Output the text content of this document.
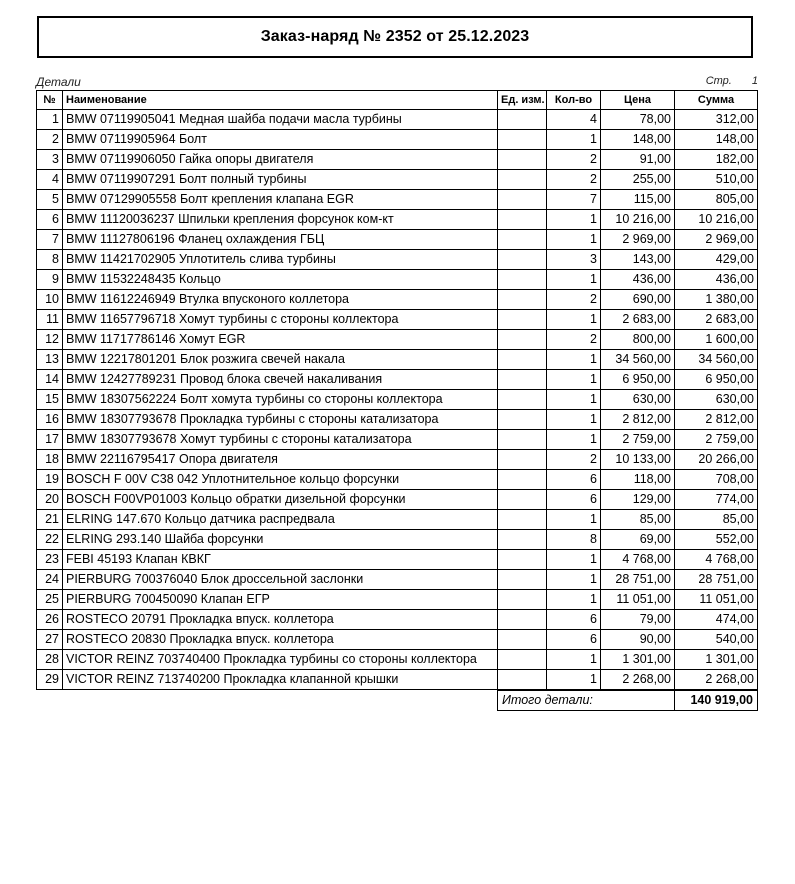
Заказ-наряд № 2352 от 25.12.2023
Детали	Стр. 1
№	Наименование	Ед. изм.	Кол-во	Цена	Сумма
1	BMW 07119905041 Медная шайба подачи масла турбины		4	78,00	312,00
2	BMW 07119905964 Болт		1	148,00	148,00
3	BMW 07119906050 Гайка опоры двигателя		2	91,00	182,00
4	BMW 07119907291 Болт полный турбины		2	255,00	510,00
5	BMW 07129905558 Болт крепления клапана EGR		7	115,00	805,00
6	BMW 11120036237 Шпильки крепления форсунок ком-кт		1	10 216,00	10 216,00
7	BMW 11127806196 Фланец охлаждения ГБЦ		1	2 969,00	2 969,00
8	BMW 11421702905 Уплотитель слива турбины		3	143,00	429,00
9	BMW 11532248435 Кольцо		1	436,00	436,00
10	BMW 11612246949 Втулка впусконого коллетора		2	690,00	1 380,00
11	BMW 11657796718 Хомут турбины с стороны коллектора		1	2 683,00	2 683,00
12	BMW 11717786146 Хомут EGR		2	800,00	1 600,00
13	BMW 12217801201 Блок розжига свечей накала		1	34 560,00	34 560,00
14	BMW 12427789231 Провод блока свечей накаливания		1	6 950,00	6 950,00
15	BMW 18307562224 Болт хомута турбины со стороны коллектора		1	630,00	630,00
16	BMW 18307793678 Прокладка турбины с стороны катализатора		1	2 812,00	2 812,00
17	BMW 18307793678 Хомут турбины с стороны катализатора		1	2 759,00	2 759,00
18	BMW 22116795417 Опора двигателя		2	10 133,00	20 266,00
19	BOSCH F 00V C38 042 Уплотнительное кольцо форсунки		6	118,00	708,00
20	BOSCH F00VP01003 Кольцо обратки дизельной форсунки		6	129,00	774,00
21	ELRING 147.670 Кольцо датчика распредвала		1	85,00	85,00
22	ELRING 293.140 Шайба форсунки		8	69,00	552,00
23	FEBI 45193 Клапан КВКГ		1	4 768,00	4 768,00
24	PIERBURG 700376040 Блок дроссельной заслонки		1	28 751,00	28 751,00
25	PIERBURG 700450090 Клапан ЕГР		1	11 051,00	11 051,00
26	ROSTECO 20791 Прокладка впуск. коллетора		6	79,00	474,00
27	ROSTECO 20830 Прокладка впуск. коллетора		6	90,00	540,00
28	VICTOR REINZ 703740400 Прокладка турбины со стороны коллектора		1	1 301,00	1 301,00
29	VICTOR REINZ 713740200 Прокладка клапанной крышки		1	2 268,00	2 268,00
Итого детали:	140 919,00
